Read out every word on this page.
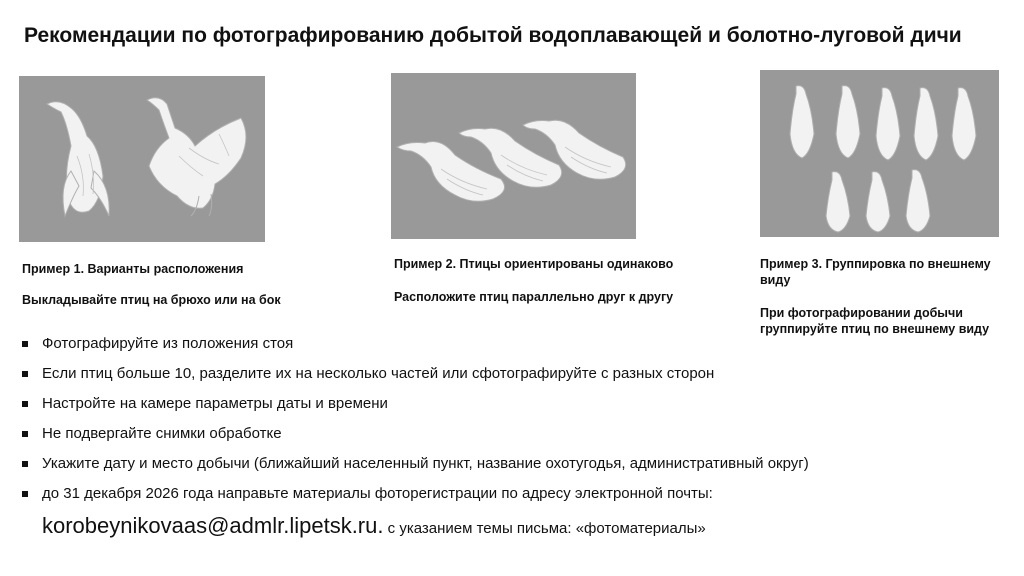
Рекомендации по фотографированию добытой водоплавающей и болотно-луговой дичи
Пример 1. Варианты расположения
Выкладывайте птиц на брюхо или на бок
Пример 2. Птицы ориентированы одинаково
Расположите птиц параллельно друг к другу
Пример 3. Группировка по внешнему виду
При фотографировании добычи группируйте птиц по внешнему виду
Фотографируйте из положения стоя
Если птиц больше 10, разделите их на несколько частей или сфотографируйте с разных сторон
Настройте на камере параметры даты и времени
Не подвергайте снимки обработке
Укажите дату и место добычи (ближайший населенный пункт, название охотугодья, административный округ)
до 31 декабря 2026 года направьте материалы фоторегистрации по адресу электронной почты:
korobeynikovaas@admlr.lipetsk.ru. с указанием темы письма: «фотоматериалы»
